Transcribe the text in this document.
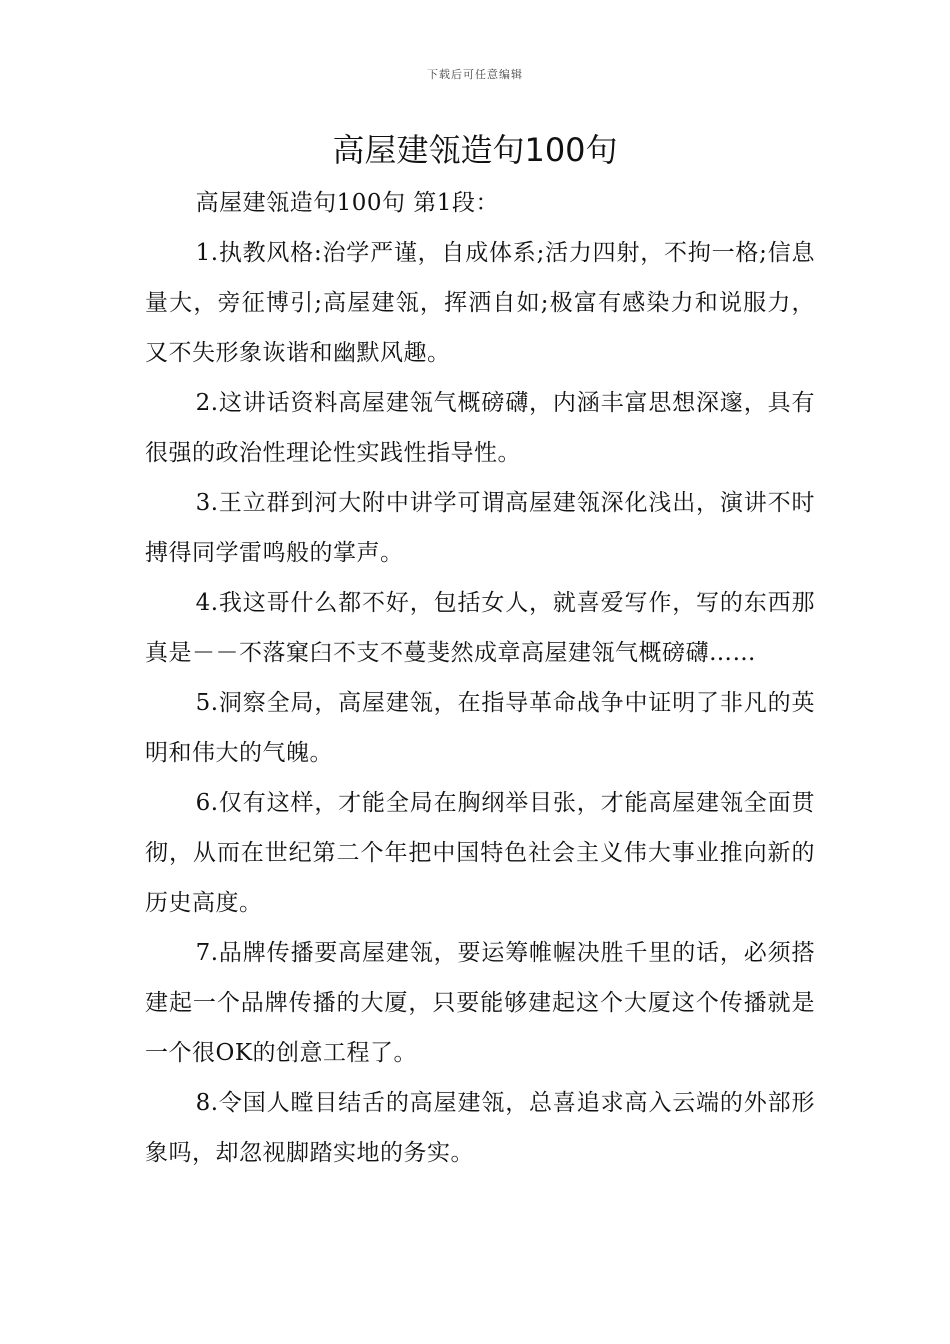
下载后可任意编辑
高屋建瓴造句100句

高屋建瓴造句100句 第1段：

1.执教风格:治学严谨，自成体系;活力四射，不拘一格;信息量大，旁征博引;高屋建瓴，挥洒自如;极富有感染力和说服力，又不失形象诙谐和幽默风趣。

2.这讲话资料高屋建瓴气概磅礴，内涵丰富思想深邃，具有很强的政治性理论性实践性指导性。

3.王立群到河大附中讲学可谓高屋建瓴深化浅出，演讲不时搏得同学雷鸣般的掌声。

4.我这哥什么都不好，包括女人，就喜爱写作，写的东西那真是－－不落窠臼不支不蔓斐然成章高屋建瓴气概磅礴……

5.洞察全局，高屋建瓴，在指导革命战争中证明了非凡的英明和伟大的气魄。

6.仅有这样，才能全局在胸纲举目张，才能高屋建瓴全面贯彻，从而在世纪第二个年把中国特色社会主义伟大事业推向新的历史高度。

7.品牌传播要高屋建瓴，要运筹帷幄决胜千里的话，必须搭建起一个品牌传播的大厦，只要能够建起这个大厦这个传播就是一个很OK的创意工程了。

8.令国人瞠目结舌的高屋建瓴，总喜追求高入云端的外部形象吗，却忽视脚踏实地的务实。
